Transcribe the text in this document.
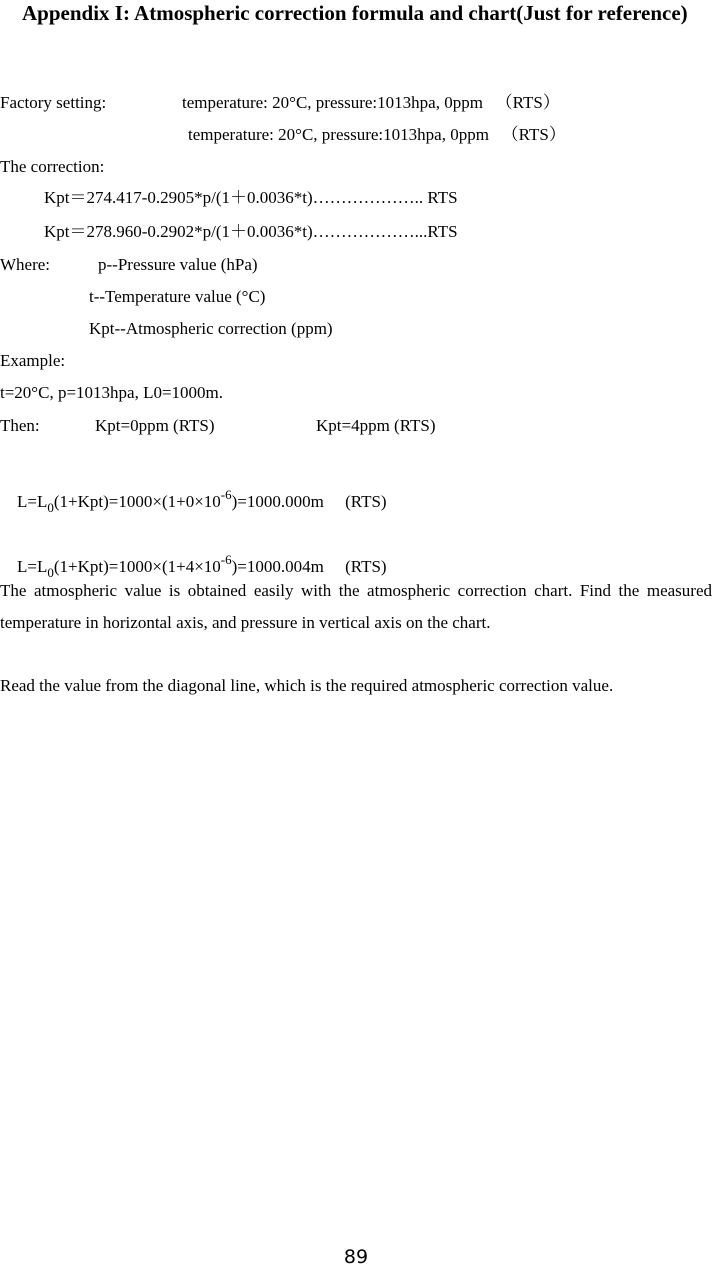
Appendix I: Atmospheric correction formula and chart(Just for reference)
Factory setting:	temperature: 20°C, pressure:1013hpa, 0ppm 　（RTS）
temperature: 20°C, pressure:1013hpa, 0ppm 　（RTS）
The correction:
Kpt＝274.417-0.2905*p/(1＋0.0036*t)……………….. RTS
Kpt＝278.960-0.2902*p/(1＋0.0036*t)………………...RTS
Where:	p--Pressure value (hPa)
t--Temperature value (°C)
Kpt--Atmospheric correction (ppm)
Example:
t=20°C, p=1013hpa, L0=1000m.
Then:	Kpt=0ppm (RTS)	Kpt=4ppm (RTS)

$L=L_0(1+Kpt)=1000\times(1+0\times 10^{-6})=1000.000m$ 　(RTS)

$L=L_0(1+Kpt)=1000\times(1+4\times 10^{-6})=1000.004m$ 　(RTS)

The atmospheric value is obtained easily with the atmospheric correction chart. Find the measured temperature in horizontal axis, and pressure in vertical axis on the chart.
Read the value from the diagonal line, which is the required atmospheric correction value.
89
